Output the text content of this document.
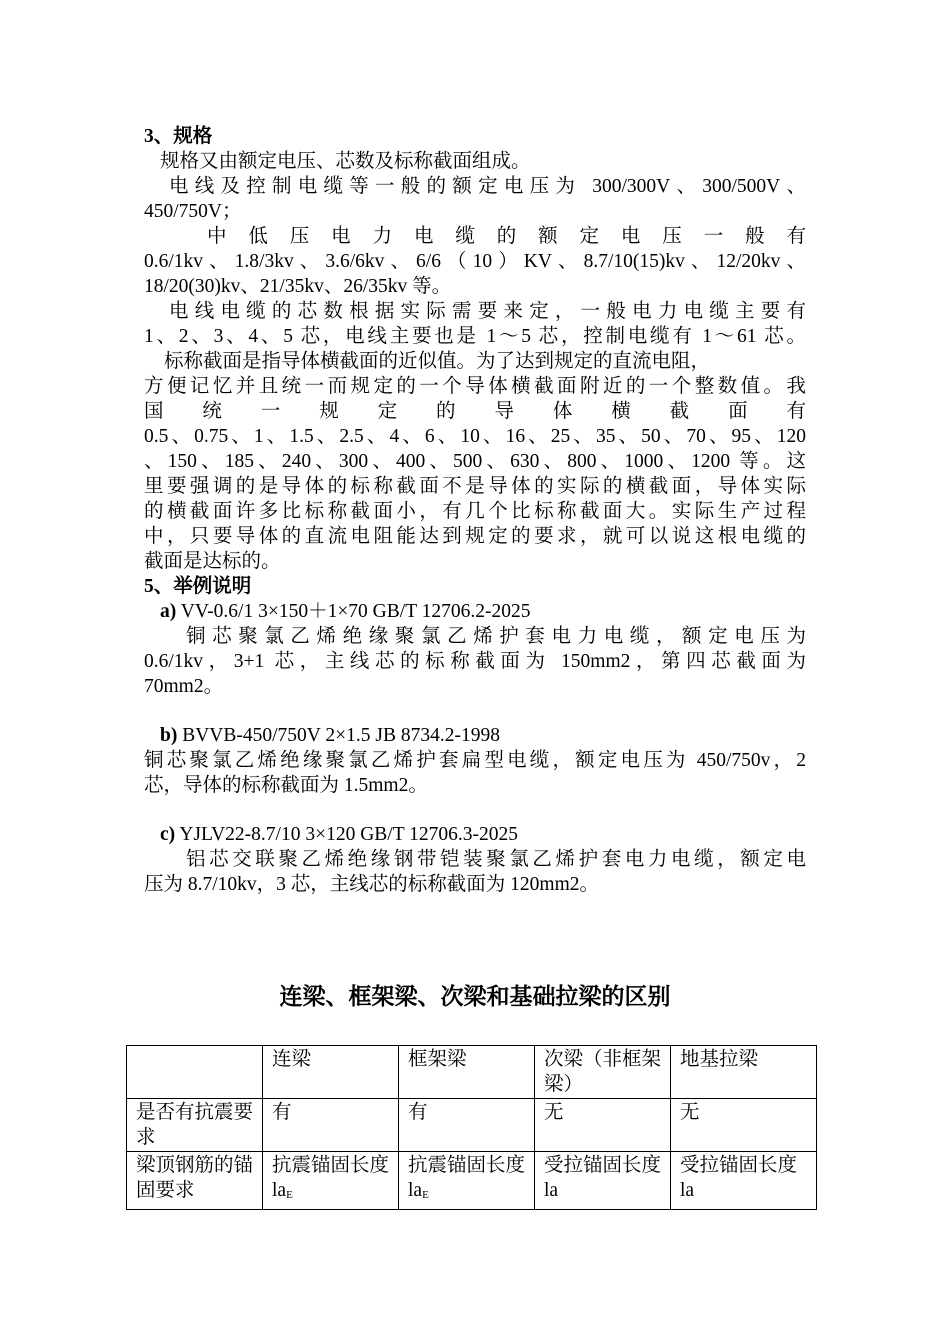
3、规格
规格又由额定电压、芯数及标称截面组成。
电线及控制电缆等一般的额定电压为 300/300V、300/500V、
450/750V；
中低压电力电缆的额定电压一般有
0.6/1kv、1.8/3kv、3.6/6kv、6/6（10）KV、8.7/10(15)kv、12/20kv、
18/20(30)kv、21/35kv、26/35kv 等。
电线电缆的芯数根据实际需要来定，一般电力电缆主要有
1、2、3、4、5 芯，电线主要也是 1～5 芯，控制电缆有 1～61 芯。
标称截面是指导体横截面的近似值。为了达到规定的直流电阻，
方便记忆并且统一而规定的一个导体横截面附近的一个整数值。我
国统一规定的导体横截面有
0.5、0.75、1、1.5、2.5、4、6、10、16、25、35、50、70、95、120
、150、185、240、300、400、500、630、800、1000、1200 等。这
里要强调的是导体的标称截面不是导体的实际的横截面，导体实际
的横截面许多比标称截面小，有几个比标称截面大。实际生产过程
中，只要导体的直流电阻能达到规定的要求，就可以说这根电缆的
截面是达标的。
5、举例说明
a) VV-0.6/1 3×150＋1×70 GB/T 12706.2-2025
铜芯聚氯乙烯绝缘聚氯乙烯护套电力电缆，额定电压为
0.6/1kv，3+1 芯，主线芯的标称截面为 150mm2，第四芯截面为
70mm2。
b) BVVB-450/750V 2×1.5 JB 8734.2-1998
铜芯聚氯乙烯绝缘聚氯乙烯护套扁型电缆，额定电压为 450/750v，2
芯，导体的标称截面为 1.5mm2。
c) YJLV22-8.7/10 3×120 GB/T 12706.3-2025
铝芯交联聚乙烯绝缘钢带铠装聚氯乙烯护套电力电缆，额定电
压为 8.7/10kv，3 芯，主线芯的标称截面为 120mm2。
连梁、框架梁、次梁和基础拉梁的区别
	连梁	框架梁	次梁（非框架梁）	地基拉梁
是否有抗震要求	有	有	无	无
梁顶钢筋的锚固要求	抗震锚固长度 $la_E$	抗震锚固长度 $la_E$	受拉锚固长度 la	受拉锚固长度 la
